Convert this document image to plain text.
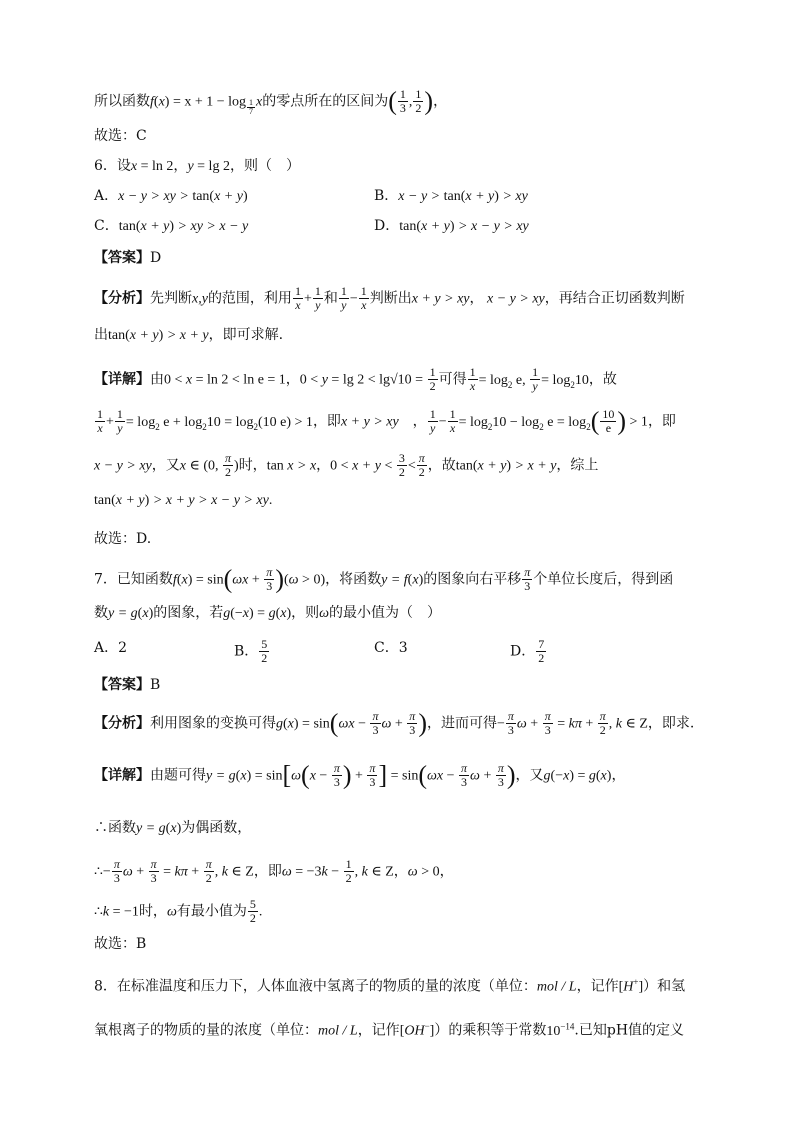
所以函数f(x) = x + 1 − log $_{\frac{1}{7}}$ x的零点所在的区间为( $\frac{1}{3}$ , $\frac{1}{2}$ )，
故选：C
6．设x = ln 2，y = lg 2，则（　）
A．x − y > xy > tan(x + y)	B．x − y > tan(x + y) > xy
C．tan(x + y) > xy > x − y	D．tan(x + y) > x − y > xy
【答案】D
【分析】先判断x,y的范围，利用 $\frac{1}{x} + \frac{1}{y}$ 和 $\frac{1}{y} - \frac{1}{x}$ 判断出x + y > xy， x − y > xy，再结合正切函数判断
出tan(x + y) > x + y，即可求解.
【详解】由0 < x = ln 2 < ln e = 1，$0 < y = \lg 2 < \lg√10 = \frac{1}{2}$ 可得 $\frac{1}{x} = \log_2 e$, $\frac{1}{y} = \log_210$，故
$\frac{1}{x} + \frac{1}{y} = \log_2 e + \log_210 = \log_2(10$ e) > 1，即x + y > xy　， $\frac{1}{y} - \frac{1}{x} = \log_210 - \log_2 e = \log_2( \frac{10}{e}$ ) > 1，即
x − y > xy，又x ∈ (0, $\frac{\pi}{2}$ )时，tan x > x，$0 < x + y < \frac{3}{2} < \frac{\pi}{2}$ ，故tan(x + y) > x + y，综上
tan(x + y) > x + y > x − y > xy.
故选：D.
7．已知函数$f(x) = \sin(\omega x + \frac{\pi}{3} )(\omega > 0)$，将函数y = f(x)的图象向右平移 $\frac{\pi}{3}$ 个单位长度后，得到函
数y = g(x)的图象，若g(−x) = g(x)，则ω的最小值为（　）
A．2	B． $\frac{5}{2}$	C．3	D． $\frac{7}{2}$
【答案】B
【分析】利用图象的变换可得$g(x) = \sin(\omega x - \frac{\pi}{3}$ $\omega + \frac{\pi}{3}$ )，进而可得− $\frac{\pi}{3}$ $\omega + \frac{\pi}{3} = k\pi + \frac{\pi}{2}$ , k ∈ Z，即求.
【详解】由题可得$y = g(x) = \sin[\omega(x - \frac{\pi}{3}$ ) + $\frac{\pi}{3}$ ] = $\sin(\omega x - \frac{\pi}{3}$ $\omega + \frac{\pi}{3}$ )，又g(−x) = g(x)，
∴函数y = g(x)为偶函数，
∴− $\frac{\pi}{3}$ $\omega + \frac{\pi}{3} = k\pi + \frac{\pi}{2}$ , k ∈ Z，即$\omega = -3k - \frac{1}{2}$ , k ∈ Z，ω > 0，
∴k = −1时，ω有最小值为 $\frac{5}{2}$ .
故选：B
8．在标准温度和压力下，人体血液中氢离子的物质的量的浓度（单位：mol / L，记作[H+]）和氢
氧根离子的物质的量的浓度（单位：mol / L，记作[OH−]）的乘积等于常数$10^{-14}$.已知pH值的定义
